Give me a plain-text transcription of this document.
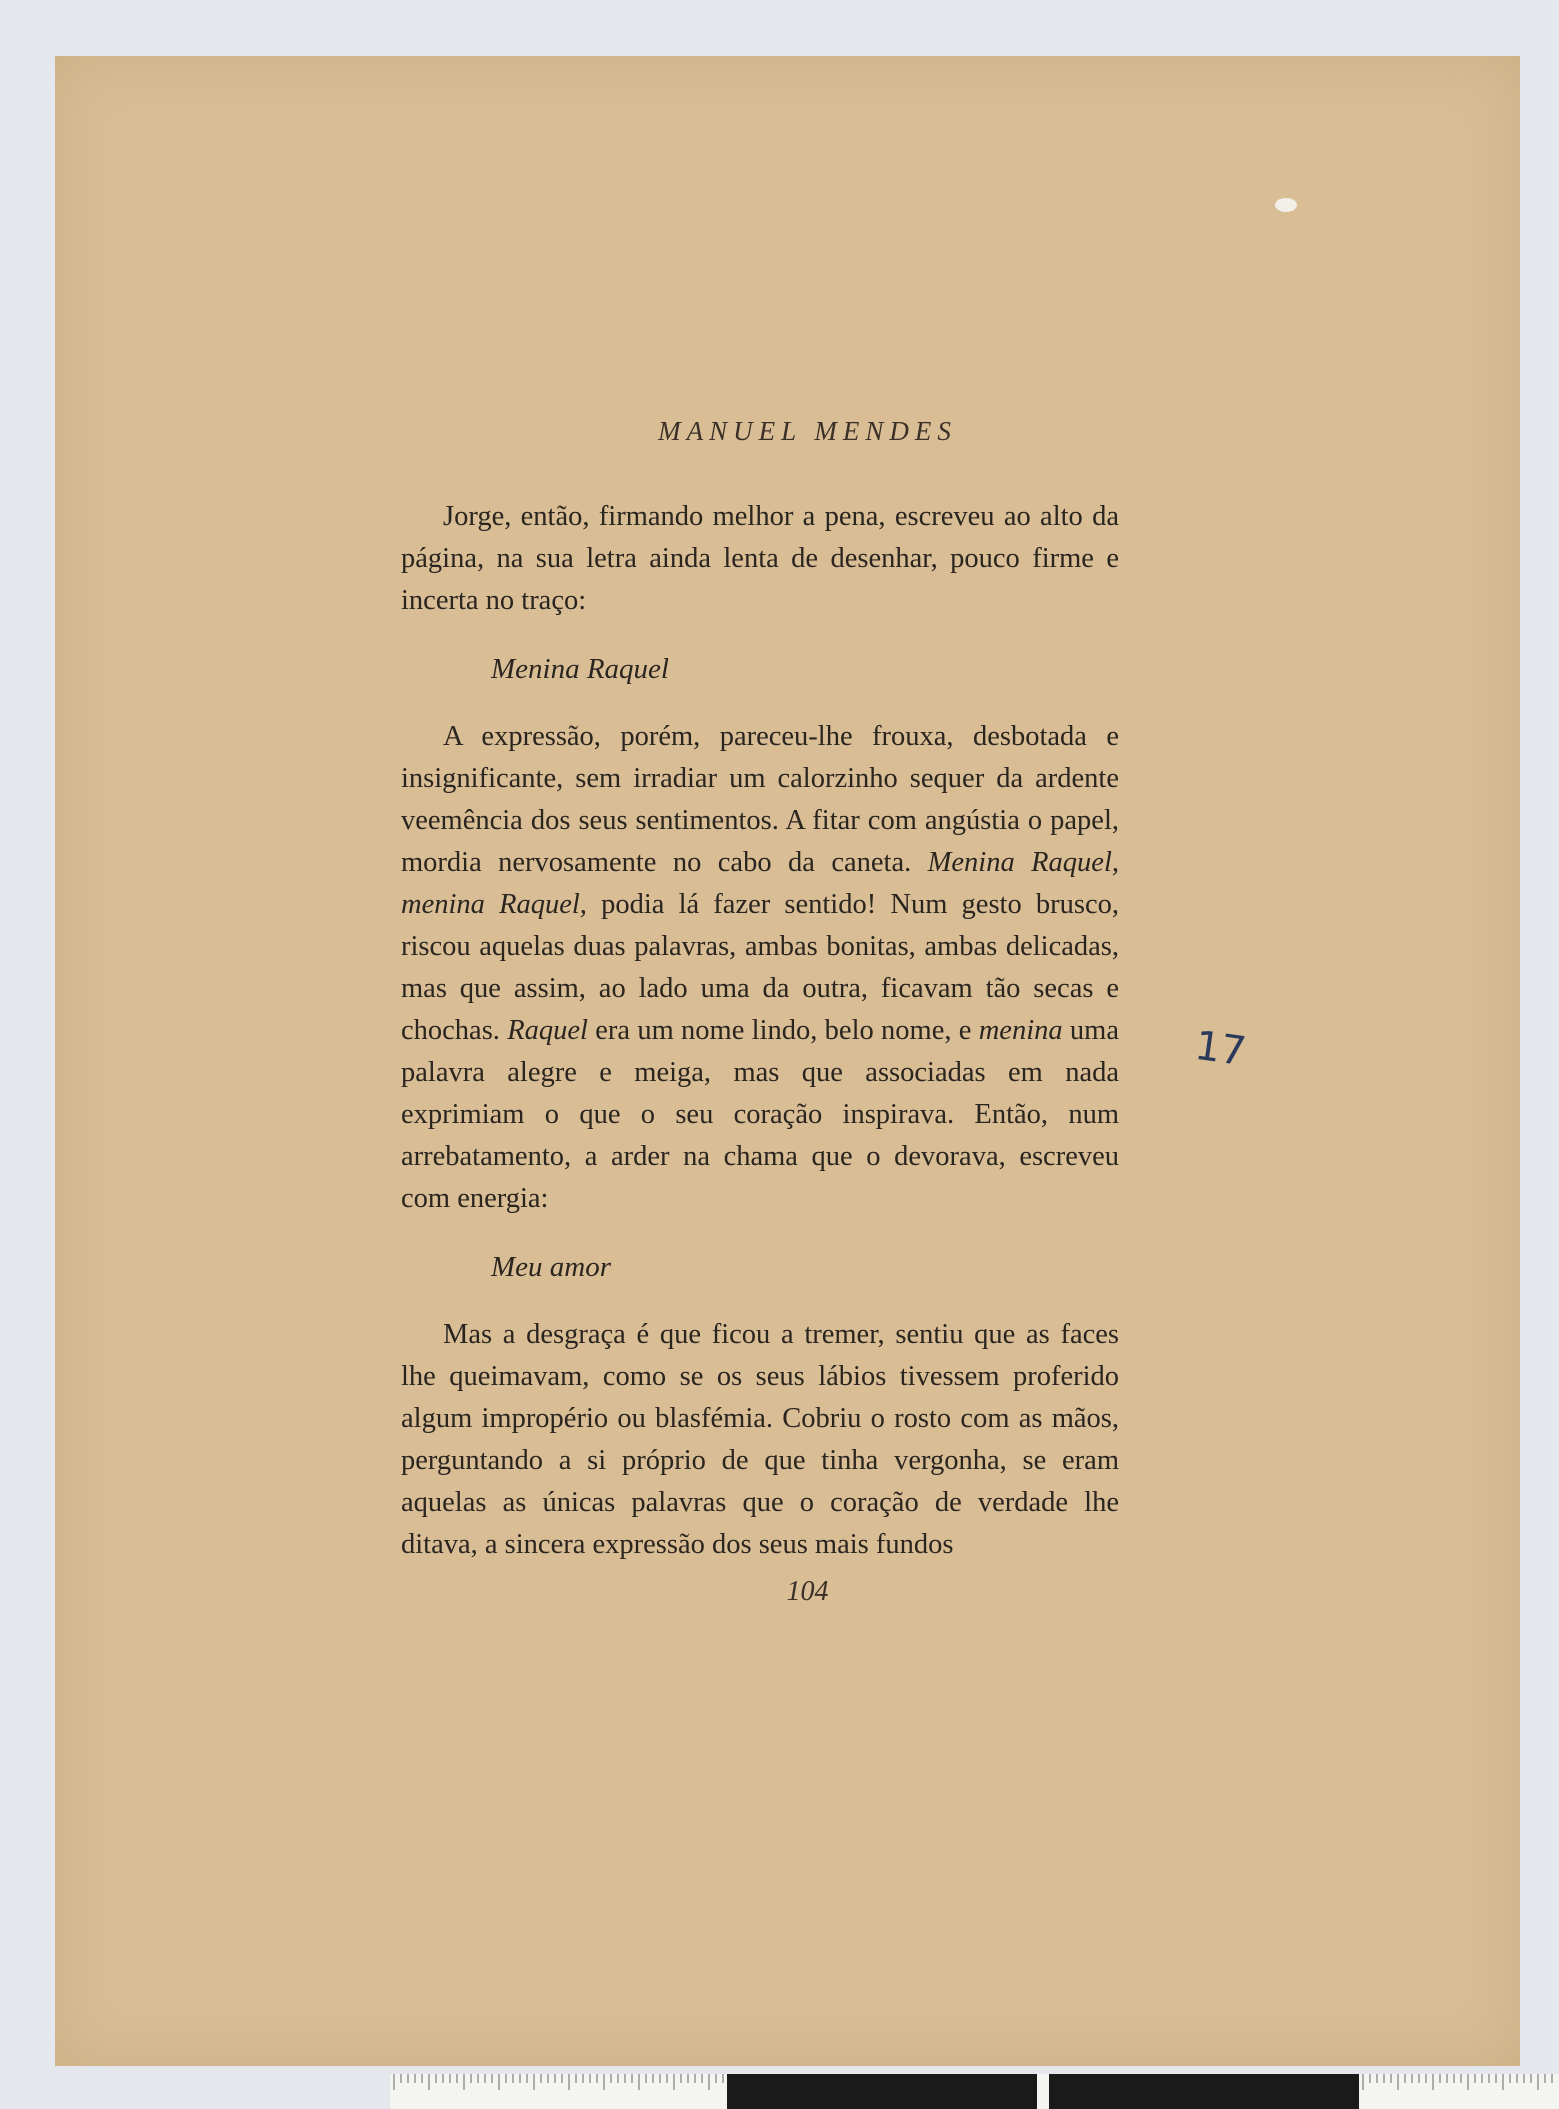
MANUEL MENDES

Jorge, então, firmando melhor a pena, escreveu ao alto da página, na sua letra ainda lenta de desenhar, pouco firme e incerta no traço:

Menina Raquel

A expressão, porém, pareceu-lhe frouxa, desbotada e insignificante, sem irradiar um calorzinho sequer da ardente veemência dos seus sentimentos. A fitar com angústia o papel, mordia nervosamente no cabo da caneta. Menina Raquel, menina Raquel, podia lá fazer sentido! Num gesto brusco, riscou aquelas duas palavras, ambas bonitas, ambas delicadas, mas que assim, ao lado uma da outra, ficavam tão secas e chochas. Raquel era um nome lindo, belo nome, e menina uma palavra alegre e meiga, mas que associadas em nada exprimiam o que o seu coração inspirava. Então, num arrebatamento, a arder na chama que o devorava, escreveu com energia:

Meu amor

Mas a desgraça é que ficou a tremer, sentiu que as faces lhe queimavam, como se os seus lábios tivessem proferido algum impropério ou blasfémia. Cobriu o rosto com as mãos, perguntando a si próprio de que tinha vergonha, se eram aquelas as únicas palavras que o coração de verdade lhe ditava, a sincera expressão dos seus mais fundos

17
104
